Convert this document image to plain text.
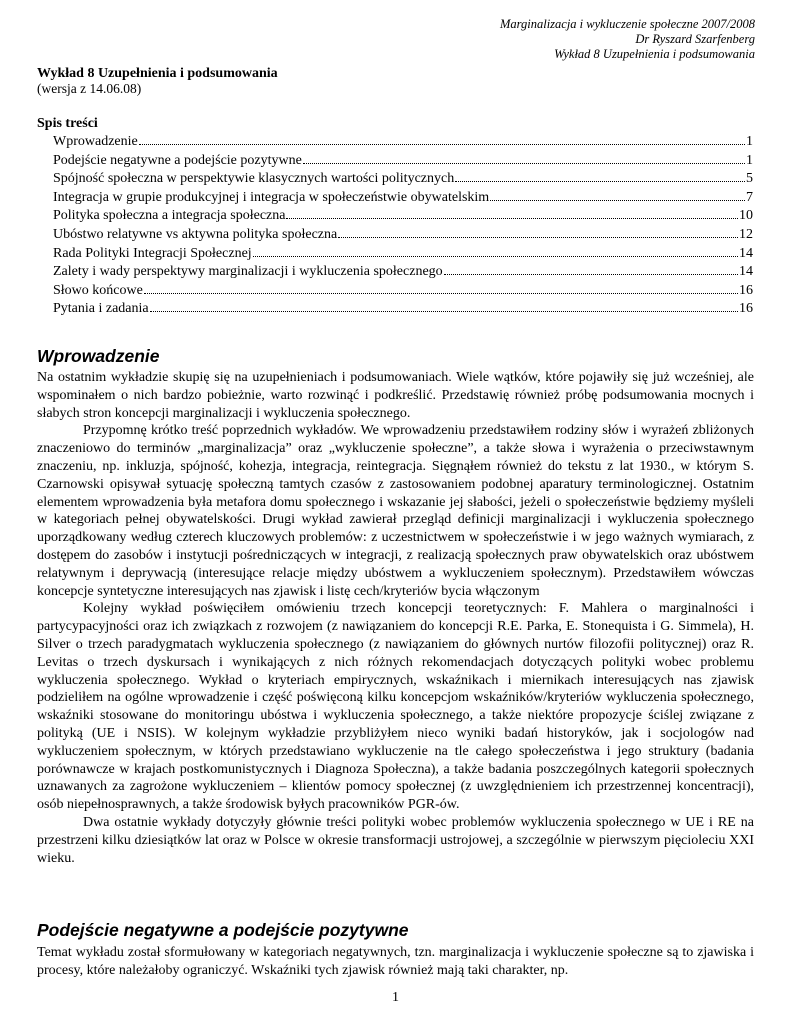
Marginalizacja i wykluczenie społeczne 2007/2008
Dr Ryszard Szarfenberg
Wykład 8 Uzupełnienia i podsumowania
Wykład 8 Uzupełnienia i podsumowania
(wersja z 14.06.08)
Spis treści
Wprowadzenie	1
Podejście negatywne a podejście pozytywne	1
Spójność społeczna w perspektywie klasycznych wartości politycznych	5
Integracja w grupie produkcyjnej i integracja w społeczeństwie obywatelskim	7
Polityka społeczna a integracja społeczna	10
Ubóstwo relatywne vs aktywna polityka społeczna	12
Rada Polityki Integracji Społecznej	14
Zalety i wady perspektywy marginalizacji i wykluczenia społecznego	14
Słowo końcowe	16
Pytania i zadania	16
Wprowadzenie

Na ostatnim wykładzie skupię się na uzupełnieniach i podsumowaniach. Wiele wątków, które pojawiły się już wcześniej, ale wspominałem o nich bardzo pobieżnie, warto rozwinąć i podkreślić. Przedstawię również próbę podsumowania mocnych i słabych stron koncepcji marginalizacji i wykluczenia społecznego.

Przypomnę krótko treść poprzednich wykładów. We wprowadzeniu przedstawiłem rodziny słów i wyrażeń zbliżonych znaczeniowo do terminów „marginalizacja” oraz „wykluczenie społeczne”, a także słowa i wyrażenia o przeciwstawnym znaczeniu, np. inkluzja, spójność, kohezja, integracja, reintegracja. Sięgnąłem również do tekstu z lat 1930., w którym S. Czarnowski opisywał sytuację społeczną tamtych czasów z zastosowaniem podobnej aparatury terminologicznej. Ostatnim elementem wprowadzenia była metafora domu społecznego i wskazanie jej słabości, jeżeli o społeczeństwie będziemy myśleli w kategoriach pełnej obywatelskości. Drugi wykład zawierał przegląd definicji marginalizacji i wykluczenia społecznego uporządkowany według czterech kluczowych problemów: z uczestnictwem w społeczeństwie i w jego ważnych wymiarach, z dostępem do zasobów i instytucji pośredniczących w integracji, z realizacją społecznych praw obywatelskich oraz ubóstwem relatywnym i deprywacją (interesujące relacje między ubóstwem a wykluczeniem społecznym). Przedstawiłem wówczas koncepcje syntetyczne interesujących nas zjawisk i listę cech/kryteriów bycia włączonym

Kolejny wykład poświęciłem omówieniu trzech koncepcji teoretycznych: F. Mahlera o marginalności i partycypacyjności oraz ich związkach z rozwojem (z nawiązaniem do koncepcji R.E. Parka, E. Stonequista i G. Simmela), H. Silver o trzech paradygmatach wykluczenia społecznego (z nawiązaniem do głównych nurtów filozofii politycznej) oraz R. Levitas o trzech dyskursach i wynikających z nich różnych rekomendacjach dotyczących polityki wobec problemu wykluczenia społecznego. Wykład o kryteriach empirycznych, wskaźnikach i miernikach interesujących nas zjawisk podzieliłem na ogólne wprowadzenie i część poświęconą kilku koncepcjom wskaźników/kryteriów wykluczenia społecznego, wskaźniki stosowane do monitoringu ubóstwa i wykluczenia społecznego, a także niektóre propozycje ściślej związane z polityką (UE i NSIS). W kolejnym wykładzie przybliżyłem nieco wyniki badań historyków, jak i socjologów nad wykluczeniem społecznym, w których przedstawiano wykluczenie na tle całego społeczeństwa i jego struktury (badania porównawcze w krajach postkomunistycznych i Diagnoza Społeczna), a także badania poszczególnych kategorii społecznych uznawanych za zagrożone wykluczeniem – klientów pomocy społecznej (z uwzględnieniem ich przestrzennej koncentracji), osób niepełnosprawnych, a także środowisk byłych pracowników PGR-ów.

Dwa ostatnie wykłady dotyczyły głównie treści polityki wobec problemów wykluczenia społecznego w UE i RE na przestrzeni kilku dziesiątków lat oraz w Polsce w okresie transformacji ustrojowej, a szczególnie w pierwszym pięcioleciu XXI wieku.

Podejście negatywne a podejście pozytywne

Temat wykładu został sformułowany w kategoriach negatywnych, tzn. marginalizacja i wykluczenie społeczne są to zjawiska i procesy, które należałoby ograniczyć. Wskaźniki tych zjawisk również mają taki charakter, np.

1
